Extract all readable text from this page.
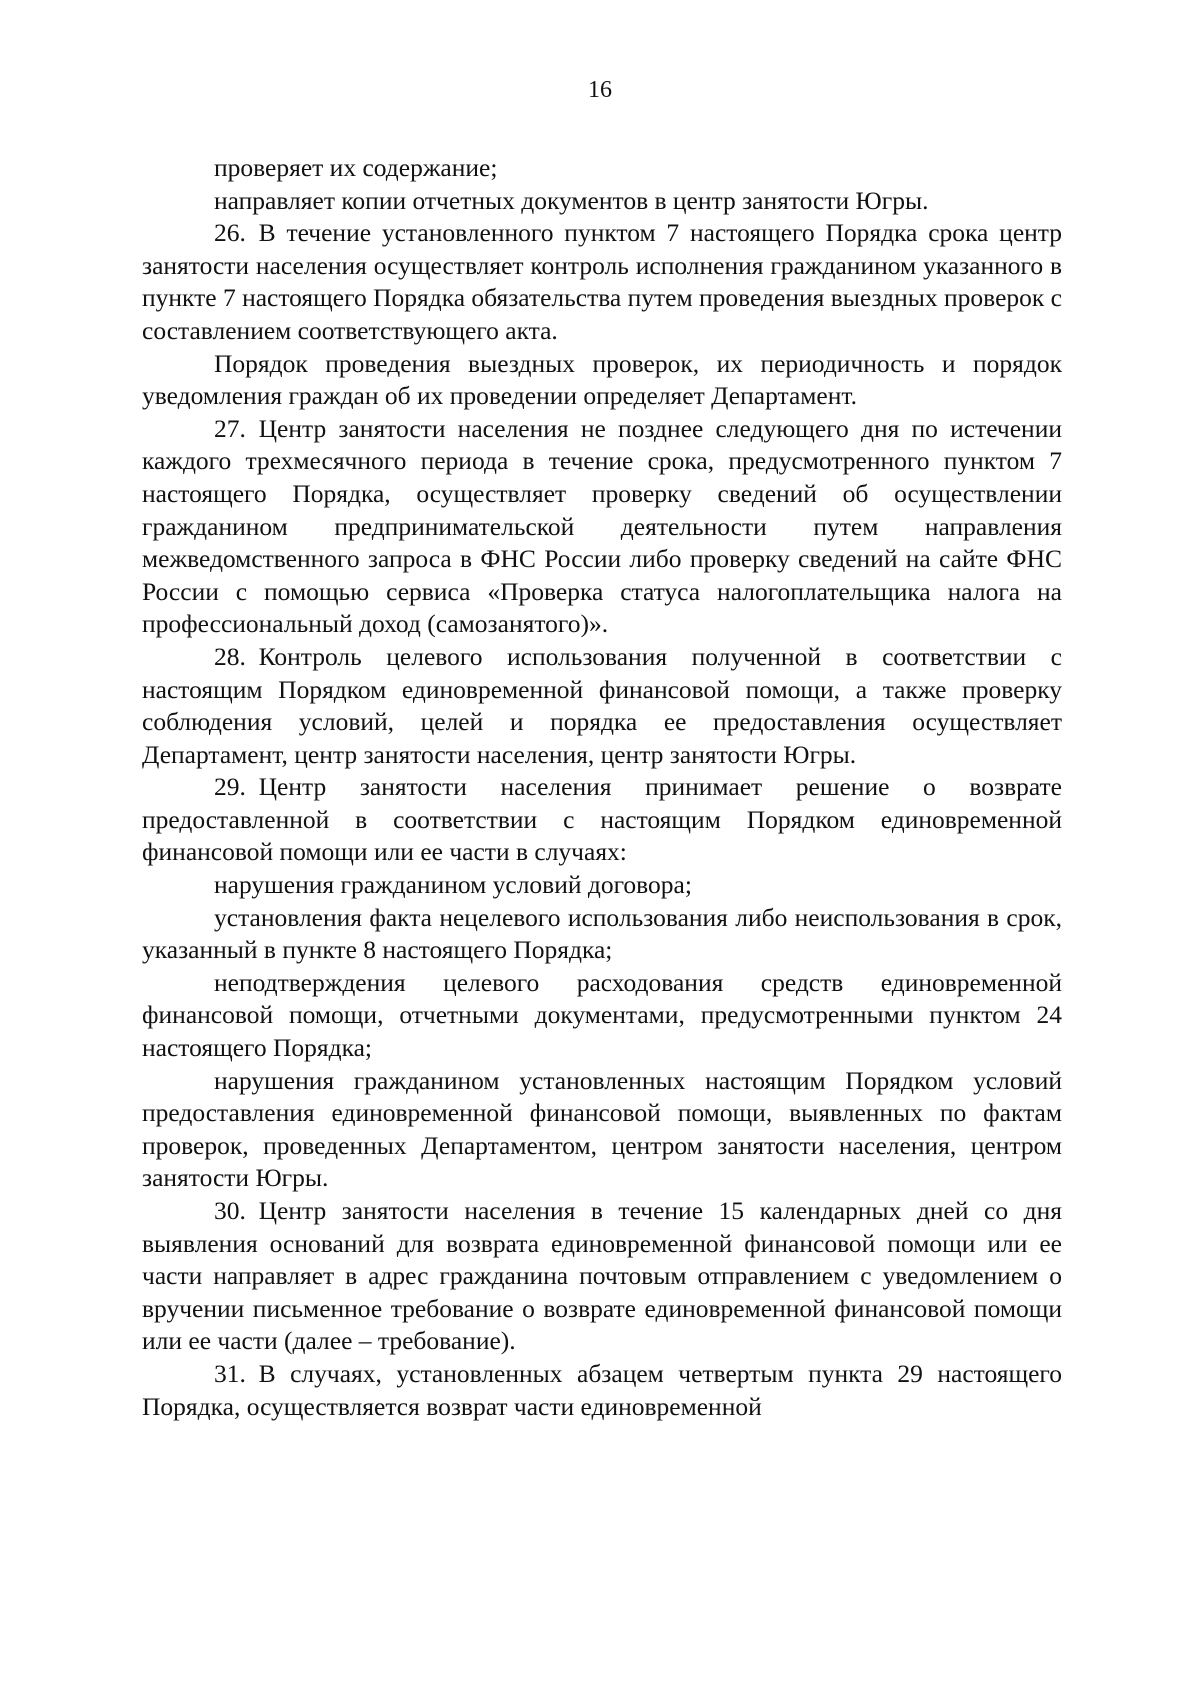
16

проверяет их содержание;

направляет копии отчетных документов в центр занятости Югры.

26. В течение установленного пунктом 7 настоящего Порядка срока центр занятости населения осуществляет контроль исполнения гражданином указанного в пункте 7 настоящего Порядка обязательства путем проведения выездных проверок с составлением соответствующего акта.

Порядок проведения выездных проверок, их периодичность и порядок уведомления граждан об их проведении определяет Департамент.

27. Центр занятости населения не позднее следующего дня по истечении каждого трехмесячного периода в течение срока, предусмотренного пунктом 7 настоящего Порядка, осуществляет проверку сведений об осуществлении гражданином предпринимательской деятельности путем направления межведомственного запроса в ФНС России либо проверку сведений на сайте ФНС России с помощью сервиса «Проверка статуса налогоплательщика налога на профессиональный доход (самозанятого)».

28. Контроль целевого использования полученной в соответствии с настоящим Порядком единовременной финансовой помощи, а также проверку соблюдения условий, целей и порядка ее предоставления осуществляет Департамент, центр занятости населения, центр занятости Югры.

29. Центр занятости населения принимает решение о возврате предоставленной в соответствии с настоящим Порядком единовременной финансовой помощи или ее части в случаях:

нарушения гражданином условий договора;

установления факта нецелевого использования либо неиспользования в срок, указанный в пункте 8 настоящего Порядка;

неподтверждения целевого расходования средств единовременной финансовой помощи, отчетными документами, предусмотренными пунктом 24 настоящего Порядка;

нарушения гражданином установленных настоящим Порядком условий предоставления единовременной финансовой помощи, выявленных по фактам проверок, проведенных Департаментом, центром занятости населения, центром занятости Югры.

30. Центр занятости населения в течение 15 календарных дней со дня выявления оснований для возврата единовременной финансовой помощи или ее части направляет в адрес гражданина почтовым отправлением с уведомлением о вручении письменное требование о возврате единовременной финансовой помощи или ее части (далее – требование).

31. В случаях, установленных абзацем четвертым пункта 29 настоящего Порядка, осуществляется возврат части единовременной
